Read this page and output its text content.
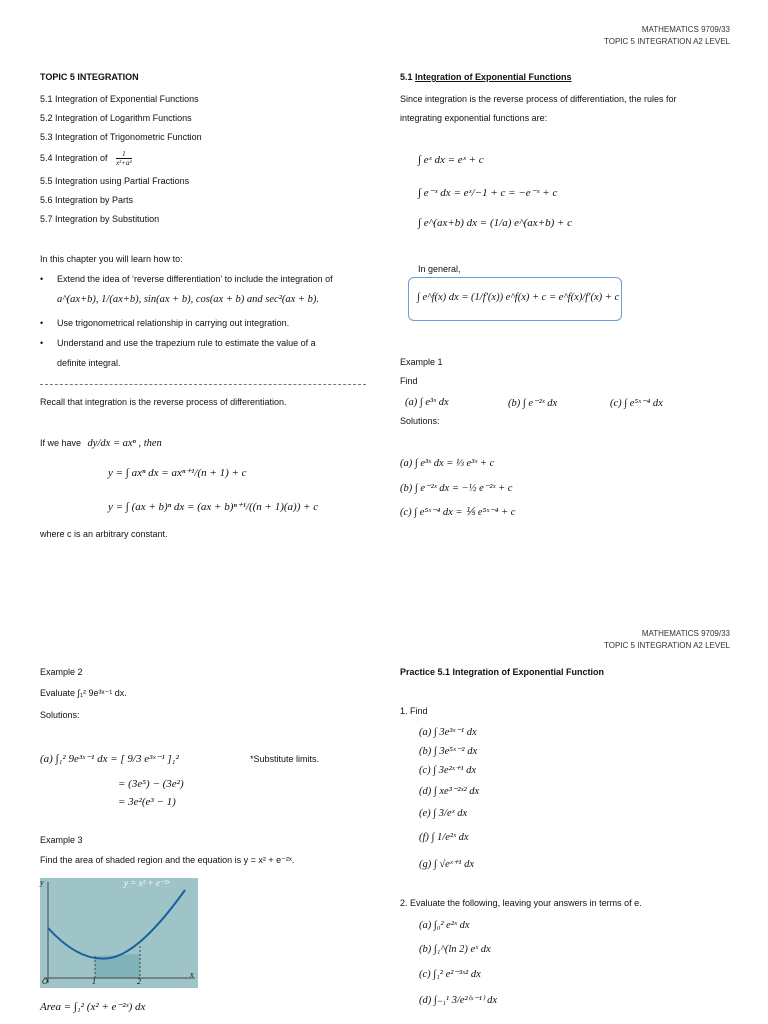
MATHEMATICS 9709/33
TOPIC 5 INTEGRATION A2 LEVEL
TOPIC 5 INTEGRATION
5.1 Integration of Exponential Functions
5.2 Integration of Logarithm Functions
5.3 Integration of Trigonometric Function
5.4 Integration of $\frac{1}{\text{x²+a²}}$
5.5 Integration using Partial Fractions
5.6 Integration by Parts
5.7 Integration by Substitution
In this chapter you will learn how to:
• Extend the idea of ‘reverse differentiation’ to include the integration of
a^(ax+b), 1/(ax+b), sin(ax + b), cos(ax + b) and sec²(ax + b).
• Use trigonometrical relationship in carrying out integration.
• Understand and use the trapezium rule to estimate the value of a
definite integral.
Recall that integration is the reverse process of differentiation.
If we have dy/dx = axⁿ , then
y = ∫ axⁿ dx = axⁿ⁺¹/(n + 1) + c
y = ∫ (ax + b)ⁿ dx = (ax + b)ⁿ⁺¹/((n + 1)(a)) + c
where c is an arbitrary constant.
5.1 Integration of Exponential Functions
Since integration is the reverse process of differentiation, the rules for
integrating exponential functions are:
∫ eˣ dx = eˣ + c
∫ e⁻ˣ dx = eˣ/−1 + c = −e⁻ˣ + c
∫ e^(ax+b) dx = (1/a) e^(ax+b) + c
In general,
∫ e^f(x) dx = (1/f′(x)) e^f(x) + c = e^f(x)/f′(x) + c
Example 1
Find
(a) ∫ e³ˣ dx	(b) ∫ e⁻²ˣ dx	(c) ∫ e⁵ˣ⁻⁴ dx
Solutions:
(a) ∫ e³ˣ dx = ⅓ e³ˣ + c
(b) ∫ e⁻²ˣ dx = −½ e⁻²ˣ + c
(c) ∫ e⁵ˣ⁻⁴ dx = ⅕ e⁵ˣ⁻⁴ + c
MATHEMATICS 9709/33
TOPIC 5 INTEGRATION A2 LEVEL
Example 2
Evaluate ∫₁² 9e³ˣ⁻¹ dx.
Solutions:
(a) ∫₁² 9e³ˣ⁻¹ dx = [ 9/3 e³ˣ⁻¹ ]₁²	*Substitute limits.
= (3e⁵) − (3e²)
= 3e²(e³ − 1)
Example 3
Find the area of shaded region and the equation is y = x² + e⁻²ˣ.
y = x² + e⁻²ˣ
y
x
O	1	2
Area = ∫₁² (x² + e⁻²ˣ) dx
Practice 5.1 Integration of Exponential Function
1. Find
(a) ∫ 3e³ˣ⁻¹ dx
(b) ∫ 3e⁵ˣ⁻² dx
(c) ∫ 3e²ˣ⁺¹ dx
(d) ∫ xe³⁻²ˣ² dx
(e) ∫ 3/eˣ dx
(f) ∫ 1/e²ˣ dx
(g) ∫ √eˣ⁺¹ dx
2. Evaluate the following, leaving your answers in terms of e.
(a) ∫₀² e²ˣ dx
(b) ∫₁^(ln 2) eˣ dx
(c) ∫₁² e²⁻³ˣ² dx
(d) ∫₋₁¹ 3/e²⁽ˣ⁻¹⁾ dx
